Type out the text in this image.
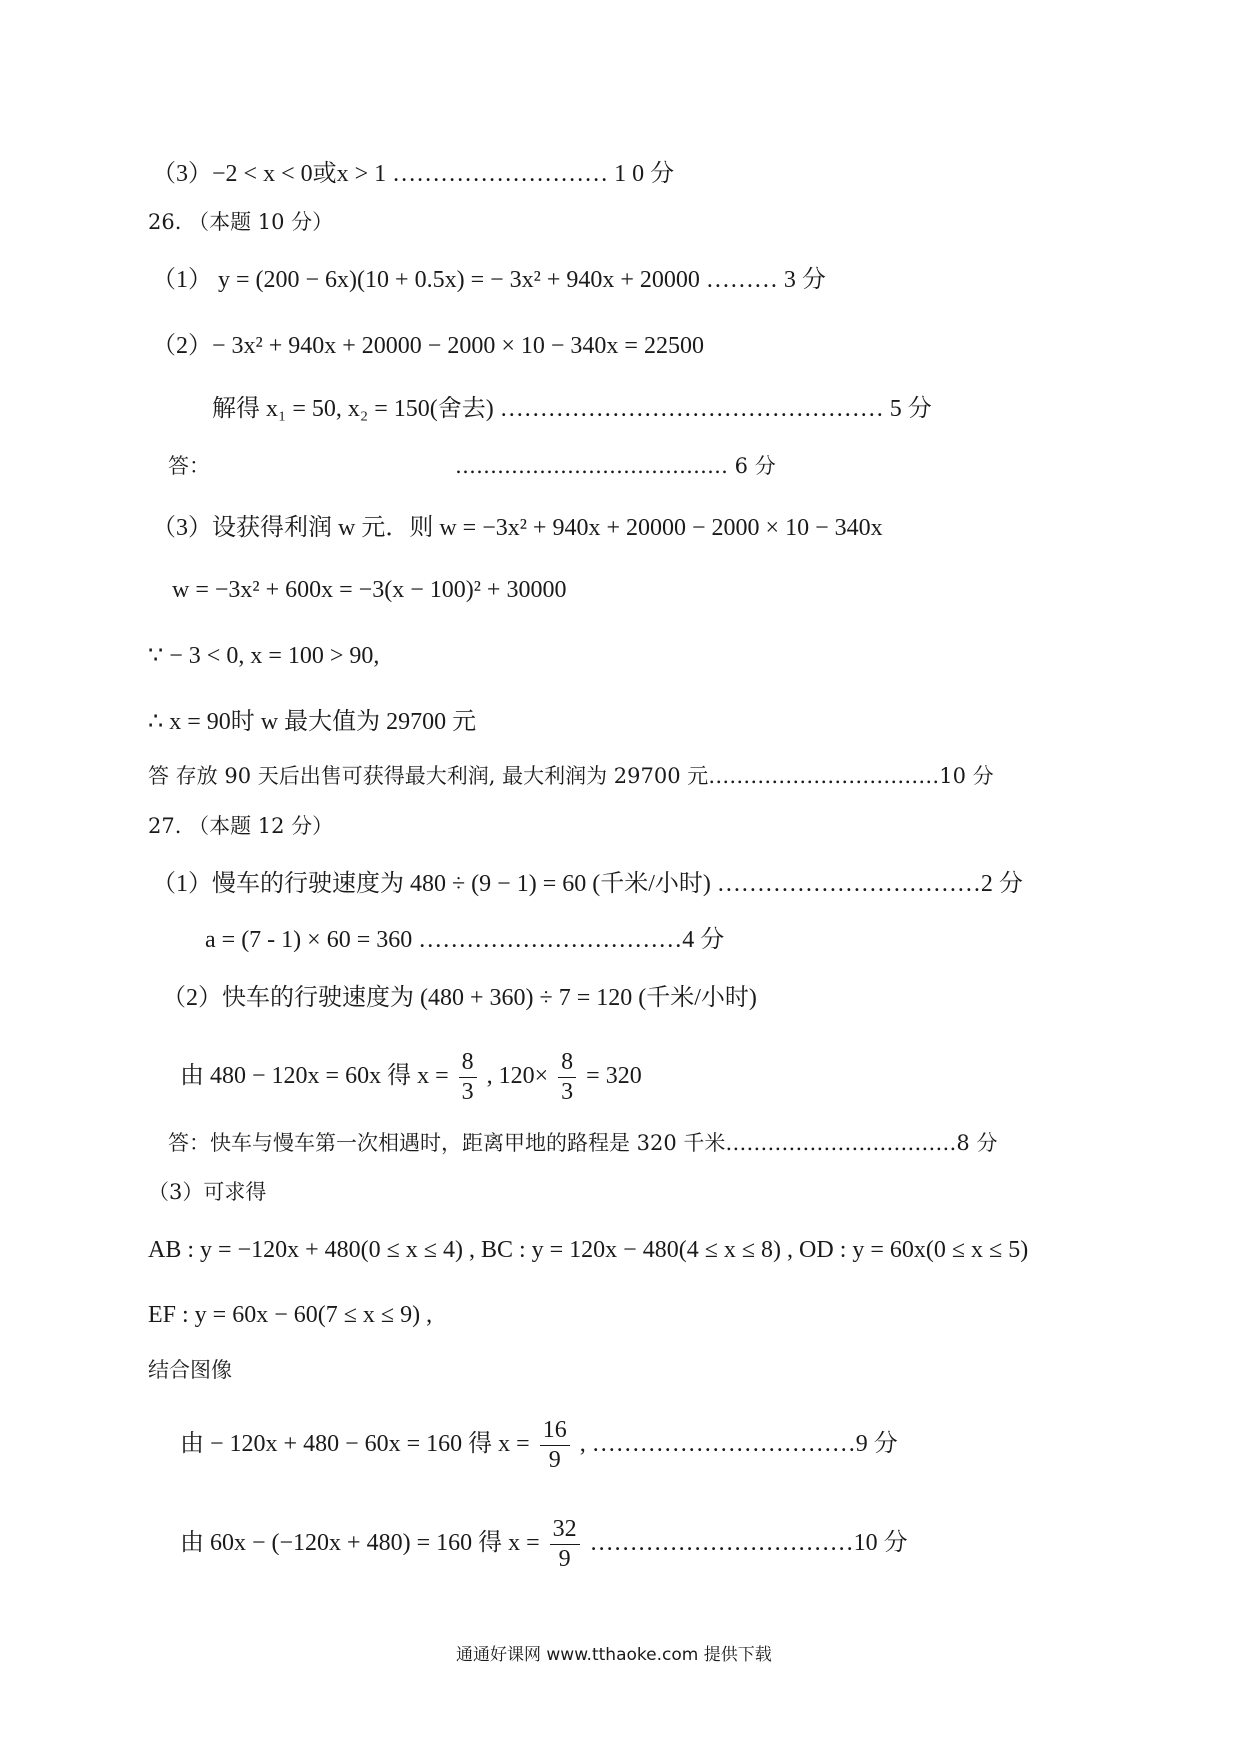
（3）−2 < x < 0或x > 1 ……………………… 1 0 分
26. （本题 10 分）
（1） y = (200 − 6x)(10 + 0.5x) = − 3x² + 940x + 20000 ……… 3 分
（2）− 3x² + 940x + 20000 − 2000 × 10 − 340x = 22500
解得 x₁ = 50, x₂ = 150(舍去) ………………………………………… 5 分
答：	………………………………… 6 分
（3）设获得利润 w 元．则 w = −3x² + 940x + 20000 − 2000 × 10 − 340x
w = −3x² + 600x = −3(x − 100)² + 30000
∵ − 3 < 0, x = 100 > 90,
∴ x = 90时 w 最大值为 29700 元
答 存放 90 天后出售可获得最大利润, 最大利润为 29700 元……………………………10 分
27. （本题 12 分）
（1）慢车的行驶速度为 480 ÷ (9 − 1) = 60 (千米/小时) ……………………………2 分
a = (7 - 1) × 60 = 360 ……………………………4 分
（2）快车的行驶速度为 (480 + 360) ÷ 7 = 120 (千米/小时)
由 480 − 120x = 60x 得 $x = \frac{8}{3}$ , $120\times \frac{8}{3} = 320$
答：快车与慢车第一次相遇时，距离甲地的路程是 320 千米……………………………8 分
（3）可求得
AB : y = −120x + 480(0 ≤ x ≤ 4) , BC : y = 120x − 480(4 ≤ x ≤ 8) , OD : y = 60x(0 ≤ x ≤ 5)
EF : y = 60x − 60(7 ≤ x ≤ 9) ,
结合图像
由 − 120x + 480 − 60x = 160 得 $x = \frac{16}{9}$ , ……………………………9 分
由 60x − (−120x + 480) = 160 得 $x = \frac{32}{9}$ ……………………………10 分
通通好课网 www.tthaoke.com 提供下载
